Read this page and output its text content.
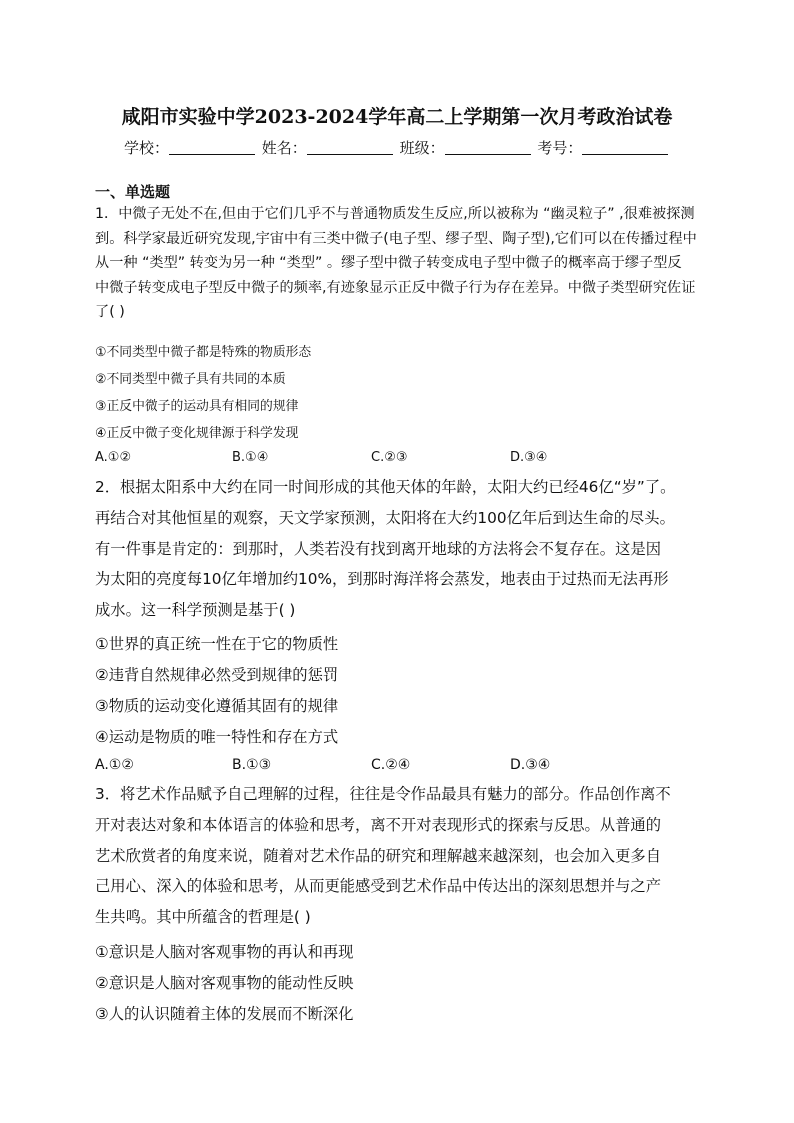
咸阳市实验中学2023-2024学年高二上学期第一次月考政治试卷
学校：	姓名：	班级：	考号：
一、单选题
1．中微子无处不在,但由于它们几乎不与普通物质发生反应,所以被称为 “幽灵粒子” ,很难被探测
到。科学家最近研究发现,宇宙中有三类中微子(电子型、缪子型、陶子型),它们可以在传播过程中
从一种 “类型” 转变为另一种 “类型” 。缪子型中微子转变成电子型中微子的概率高于缪子型反
中微子转变成电子型反中微子的频率,有迹象显示正反中微子行为存在差异。中微子类型研究佐证
了( )
①不同类型中微子都是特殊的物质形态
②不同类型中微子具有共同的本质
③正反中微子的运动具有相同的规律
④正反中微子变化规律源于科学发现
A.①②	B.①④	C.②③	D.③④
2．根据太阳系中大约在同一时间形成的其他天体的年龄，太阳大约已经46亿“岁”了。
再结合对其他恒星的观察，天文学家预测，太阳将在大约100亿年后到达生命的尽头。
有一件事是肯定的：到那时，人类若没有找到离开地球的方法将会不复存在。这是因
为太阳的亮度每10亿年增加约10%，到那时海洋将会蒸发，地表由于过热而无法再形
成水。这一科学预测是基于( )
①世界的真正统一性在于它的物质性
②违背自然规律必然受到规律的惩罚
③物质的运动变化遵循其固有的规律
④运动是物质的唯一特性和存在方式
A.①②	B.①③	C.②④	D.③④
3．将艺术作品赋予自己理解的过程，往往是令作品最具有魅力的部分。作品创作离不
开对表达对象和本体语言的体验和思考，离不开对表现形式的探索与反思。从普通的
艺术欣赏者的角度来说，随着对艺术作品的研究和理解越来越深刻，也会加入更多自
己用心、深入的体验和思考，从而更能感受到艺术作品中传达出的深刻思想并与之产
生共鸣。其中所蕴含的哲理是( )
①意识是人脑对客观事物的再认和再现
②意识是人脑对客观事物的能动性反映
③人的认识随着主体的发展而不断深化
